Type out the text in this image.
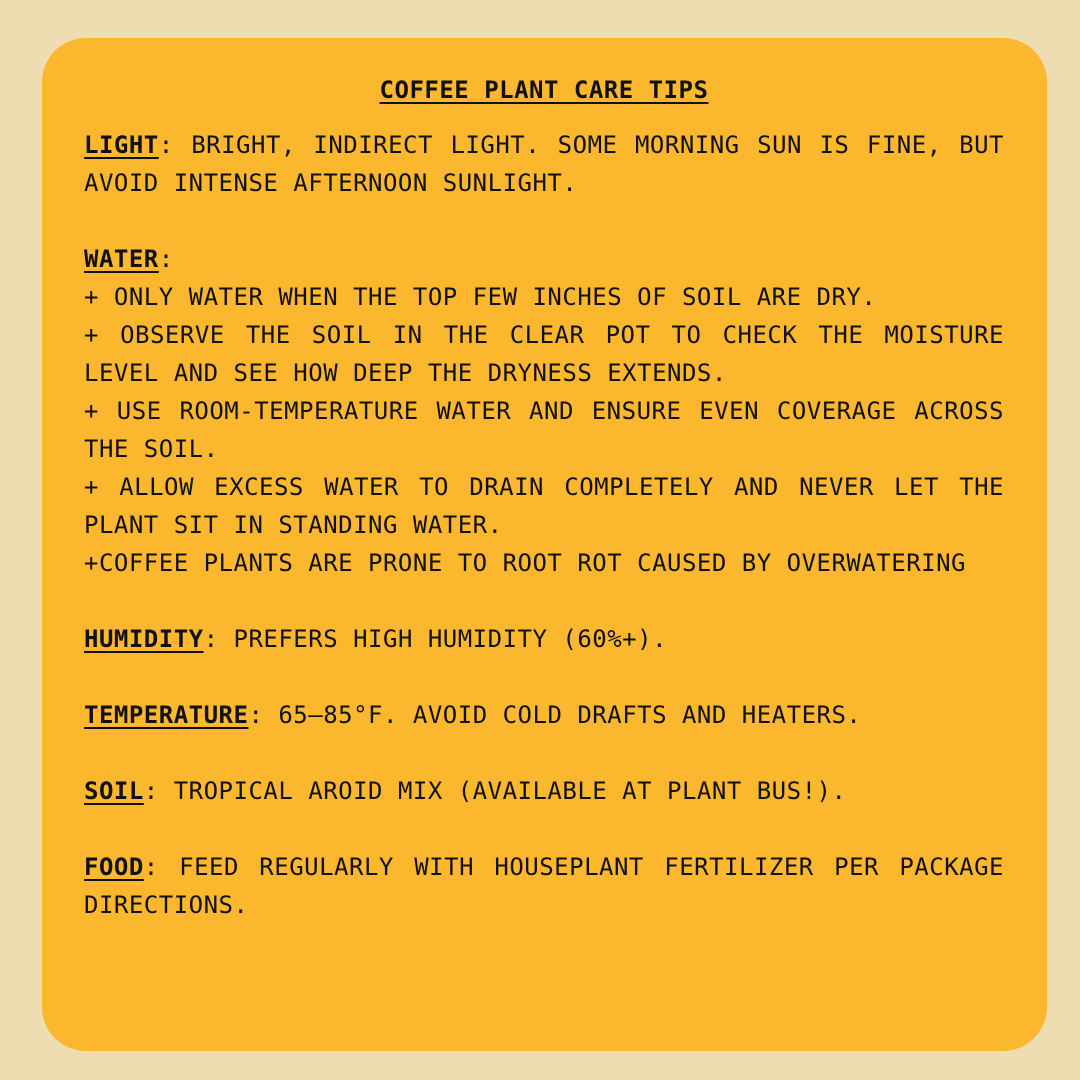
COFFEE PLANT CARE TIPS

LIGHT: BRIGHT, INDIRECT LIGHT. SOME MORNING SUN IS FINE, BUT AVOID INTENSE AFTERNOON SUNLIGHT.

WATER:

+ ONLY WATER WHEN THE TOP FEW INCHES OF SOIL ARE DRY.

+ OBSERVE THE SOIL IN THE CLEAR POT TO CHECK THE MOISTURE LEVEL AND SEE HOW DEEP THE DRYNESS EXTENDS.

+ USE ROOM-TEMPERATURE WATER AND ENSURE EVEN COVERAGE ACROSS THE SOIL.

+ ALLOW EXCESS WATER TO DRAIN COMPLETELY AND NEVER LET THE PLANT SIT IN STANDING WATER.

+COFFEE PLANTS ARE PRONE TO ROOT ROT CAUSED BY OVERWATERING

HUMIDITY: PREFERS HIGH HUMIDITY (60%+).

TEMPERATURE: 65–85°F. AVOID COLD DRAFTS AND HEATERS.

SOIL: TROPICAL AROID MIX (AVAILABLE AT PLANT BUS!).

FOOD: FEED REGULARLY WITH HOUSEPLANT FERTILIZER PER PACKAGE DIRECTIONS.
